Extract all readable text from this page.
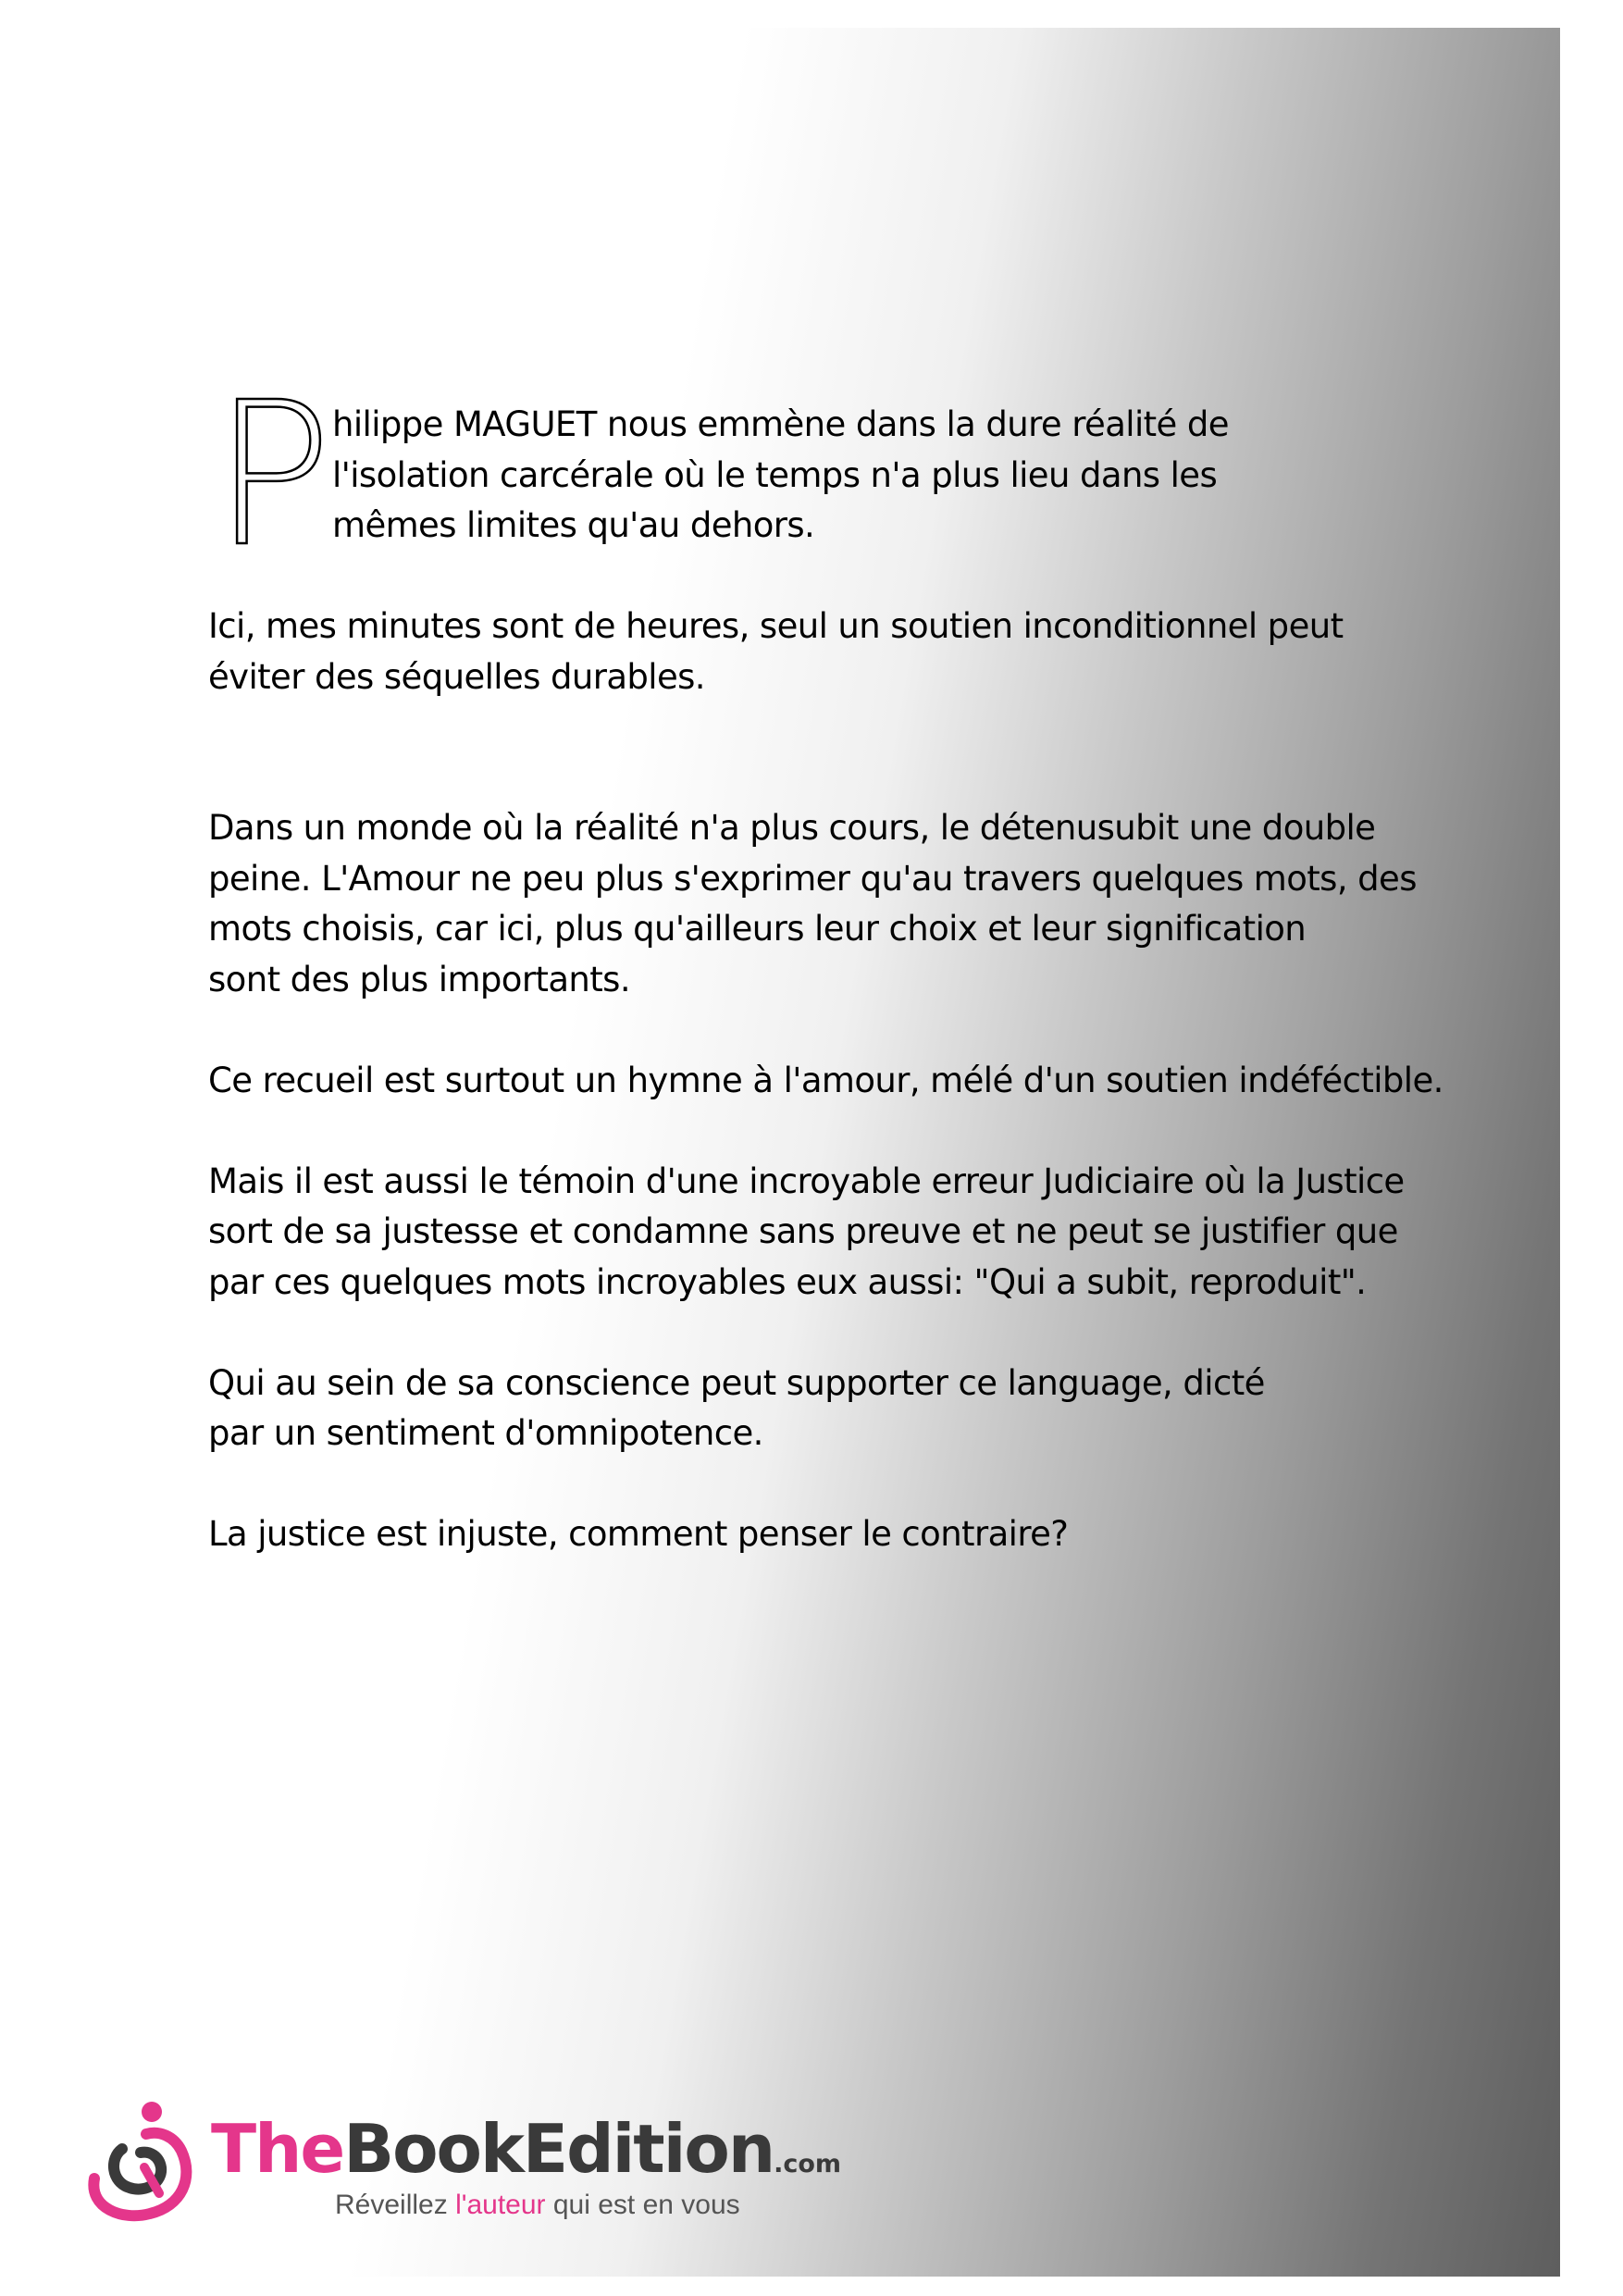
P hilippe MAGUET nous emmène dans la dure réalité de
l'isolation carcérale où le temps n'a plus lieu dans les
mêmes limites qu'au dehors.

Ici, mes minutes sont de heures, seul un soutien inconditionnel peut
éviter des séquelles durables.

Dans un monde où la réalité n'a plus cours, le détenusubit une double
peine. L'Amour ne peu plus s'exprimer qu'au travers quelques mots, des
mots choisis, car ici, plus qu'ailleurs leur choix et leur signification
sont des plus importants.

Ce recueil est surtout un hymne à l'amour, mélé d'un soutien indéféctible.

Mais il est aussi le témoin d'une incroyable erreur Judiciaire où la Justice
sort de sa justesse et condamne sans preuve et ne peut se justifier que
par ces quelques mots incroyables eux aussi: "Qui a subit, reproduit".

Qui au sein de sa conscience peut supporter ce language, dicté
par un sentiment d'omnipotence.

La justice est injuste, comment penser le contraire?

TheBookEdition.com
Réveillez l'auteur qui est en vous
